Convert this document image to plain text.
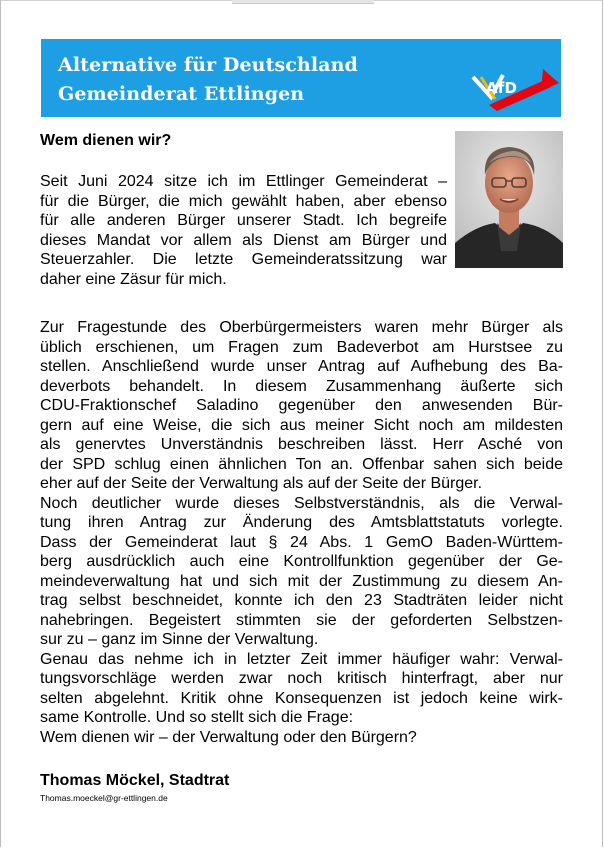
Alternative für Deutschland
Gemeinderat Ettlingen	AfD
Wem dienen wir?
Seit Juni 2024 sitze ich im Ettlinger Gemeinderat –
für die Bürger, die mich gewählt haben, aber ebenso
für alle anderen Bürger unserer Stadt. Ich begreife
dieses Mandat vor allem als Dienst am Bürger und
Steuerzahler. Die letzte Gemeinderatssitzung war
daher eine Zäsur für mich.
Zur Fragestunde des Oberbürgermeisters waren mehr Bürger als
üblich erschienen, um Fragen zum Badeverbot am Hurstsee zu
stellen. Anschließend wurde unser Antrag auf Aufhebung des Ba-
deverbots behandelt. In diesem Zusammenhang äußerte sich
CDU-Fraktionschef Saladino gegenüber den anwesenden Bür-
gern auf eine Weise, die sich aus meiner Sicht noch am mildesten
als genervtes Unverständnis beschreiben lässt. Herr Asché von
der SPD schlug einen ähnlichen Ton an. Offenbar sahen sich beide
eher auf der Seite der Verwaltung als auf der Seite der Bürger.
Noch deutlicher wurde dieses Selbstverständnis, als die Verwal-
tung ihren Antrag zur Änderung des Amtsblattstatuts vorlegte.
Dass der Gemeinderat laut § 24 Abs. 1 GemO Baden-Württem-
berg ausdrücklich auch eine Kontrollfunktion gegenüber der Ge-
meindeverwaltung hat und sich mit der Zustimmung zu diesem An-
trag selbst beschneidet, konnte ich den 23 Stadträten leider nicht
nahebringen. Begeistert stimmten sie der geforderten Selbstzen-
sur zu – ganz im Sinne der Verwaltung.
Genau das nehme ich in letzter Zeit immer häufiger wahr: Verwal-
tungsvorschläge werden zwar noch kritisch hinterfragt, aber nur
selten abgelehnt. Kritik ohne Konsequenzen ist jedoch keine wirk-
same Kontrolle. Und so stellt sich die Frage:
Wem dienen wir – der Verwaltung oder den Bürgern?
Thomas Möckel, Stadtrat
Thomas.moeckel@gr-ettlingen.de
